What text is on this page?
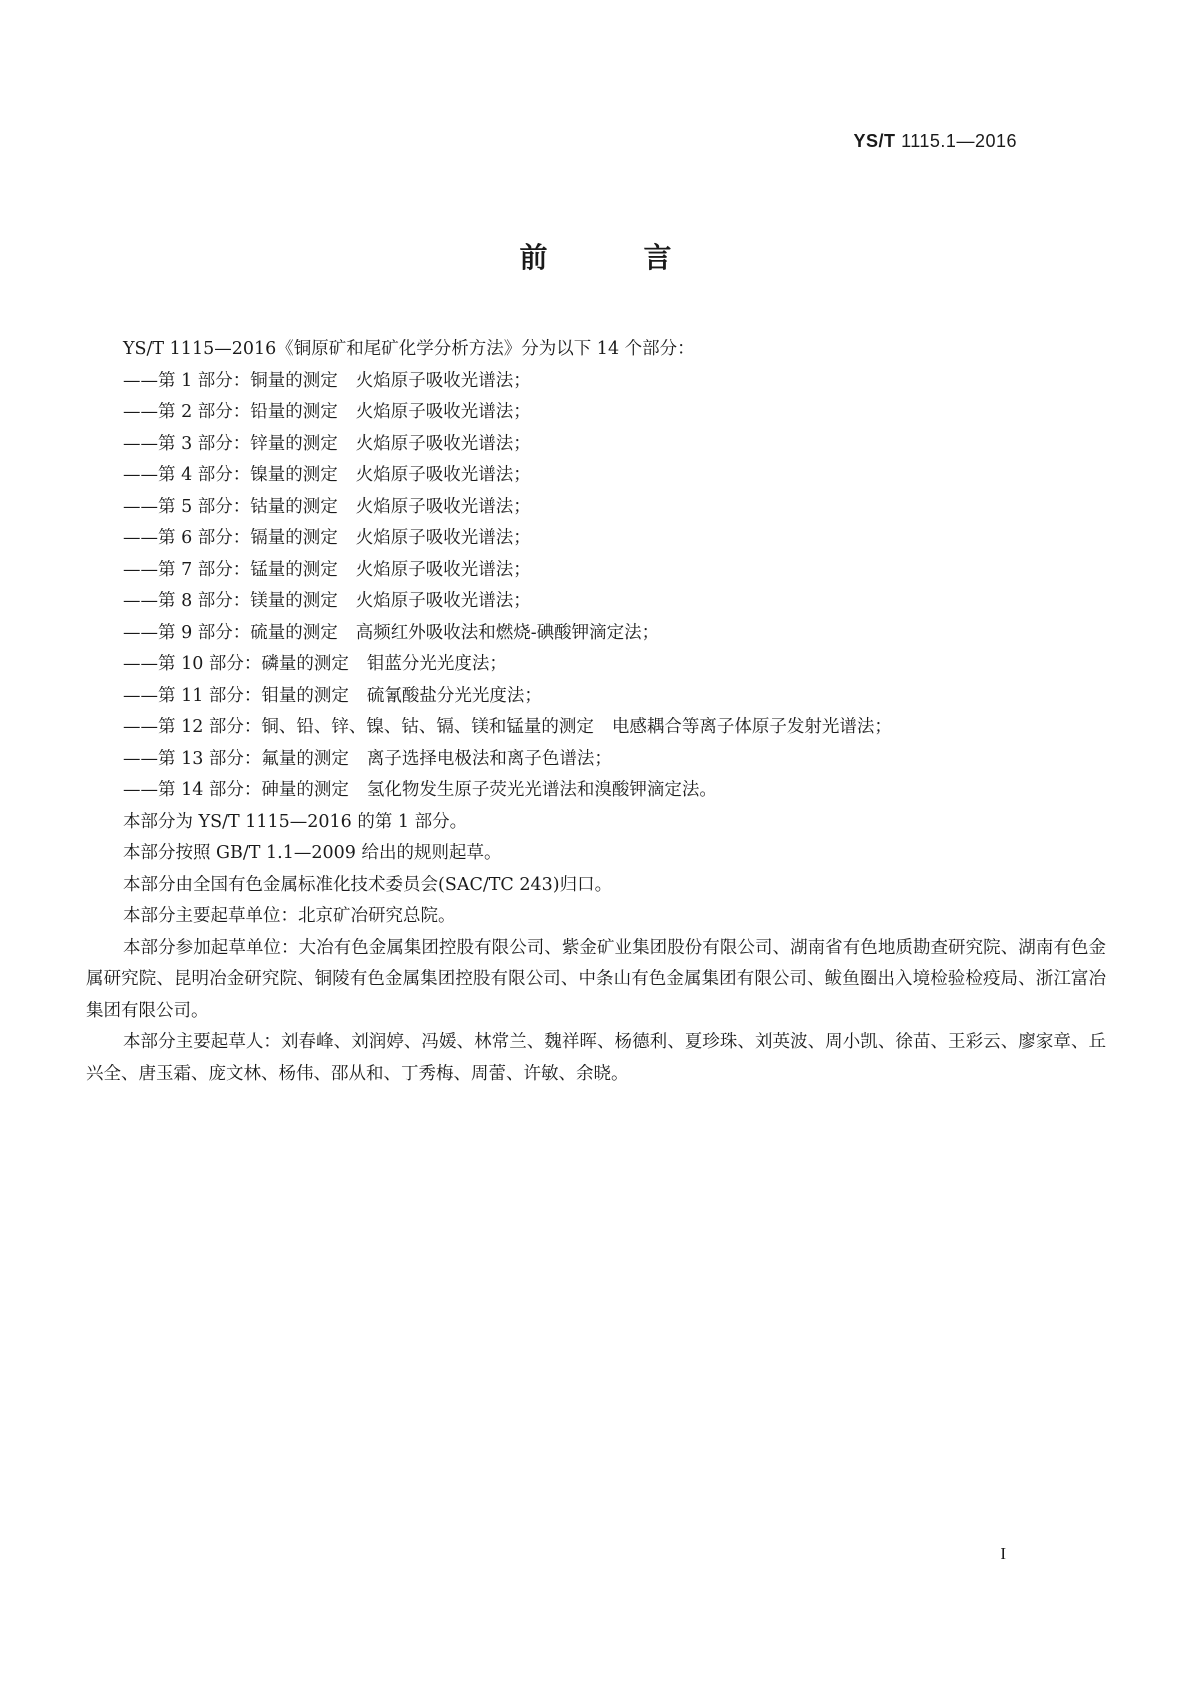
YS/T 1115.1—2016
前　言

YS/T 1115—2016《铜原矿和尾矿化学分析方法》分为以下 14 个部分：

——第 1 部分：铜量的测定 火焰原子吸收光谱法；

——第 2 部分：铅量的测定 火焰原子吸收光谱法；

——第 3 部分：锌量的测定 火焰原子吸收光谱法；

——第 4 部分：镍量的测定 火焰原子吸收光谱法；

——第 5 部分：钴量的测定 火焰原子吸收光谱法；

——第 6 部分：镉量的测定 火焰原子吸收光谱法；

——第 7 部分：锰量的测定 火焰原子吸收光谱法；

——第 8 部分：镁量的测定 火焰原子吸收光谱法；

——第 9 部分：硫量的测定 高频红外吸收法和燃烧-碘酸钾滴定法；

——第 10 部分：磷量的测定 钼蓝分光光度法；

——第 11 部分：钼量的测定 硫氰酸盐分光光度法；

——第 12 部分：铜、铅、锌、镍、钴、镉、镁和锰量的测定 电感耦合等离子体原子发射光谱法；

——第 13 部分：氟量的测定 离子选择电极法和离子色谱法；

——第 14 部分：砷量的测定 氢化物发生原子荧光光谱法和溴酸钾滴定法。

本部分为 YS/T 1115—2016 的第 1 部分。

本部分按照 GB/T 1.1—2009 给出的规则起草。

本部分由全国有色金属标准化技术委员会(SAC/TC 243)归口。

本部分主要起草单位：北京矿冶研究总院。

本部分参加起草单位：大冶有色金属集团控股有限公司、紫金矿业集团股份有限公司、湖南省有色地质勘查研究院、湖南有色金属研究院、昆明冶金研究院、铜陵有色金属集团控股有限公司、中条山有色金属集团有限公司、鲅鱼圈出入境检验检疫局、浙江富冶集团有限公司。

本部分主要起草人：刘春峰、刘润婷、冯媛、林常兰、魏祥晖、杨德利、夏珍珠、刘英波、周小凯、徐苗、王彩云、廖家章、丘兴全、唐玉霜、庞文林、杨伟、邵从和、丁秀梅、周蕾、许敏、余晓。

I
